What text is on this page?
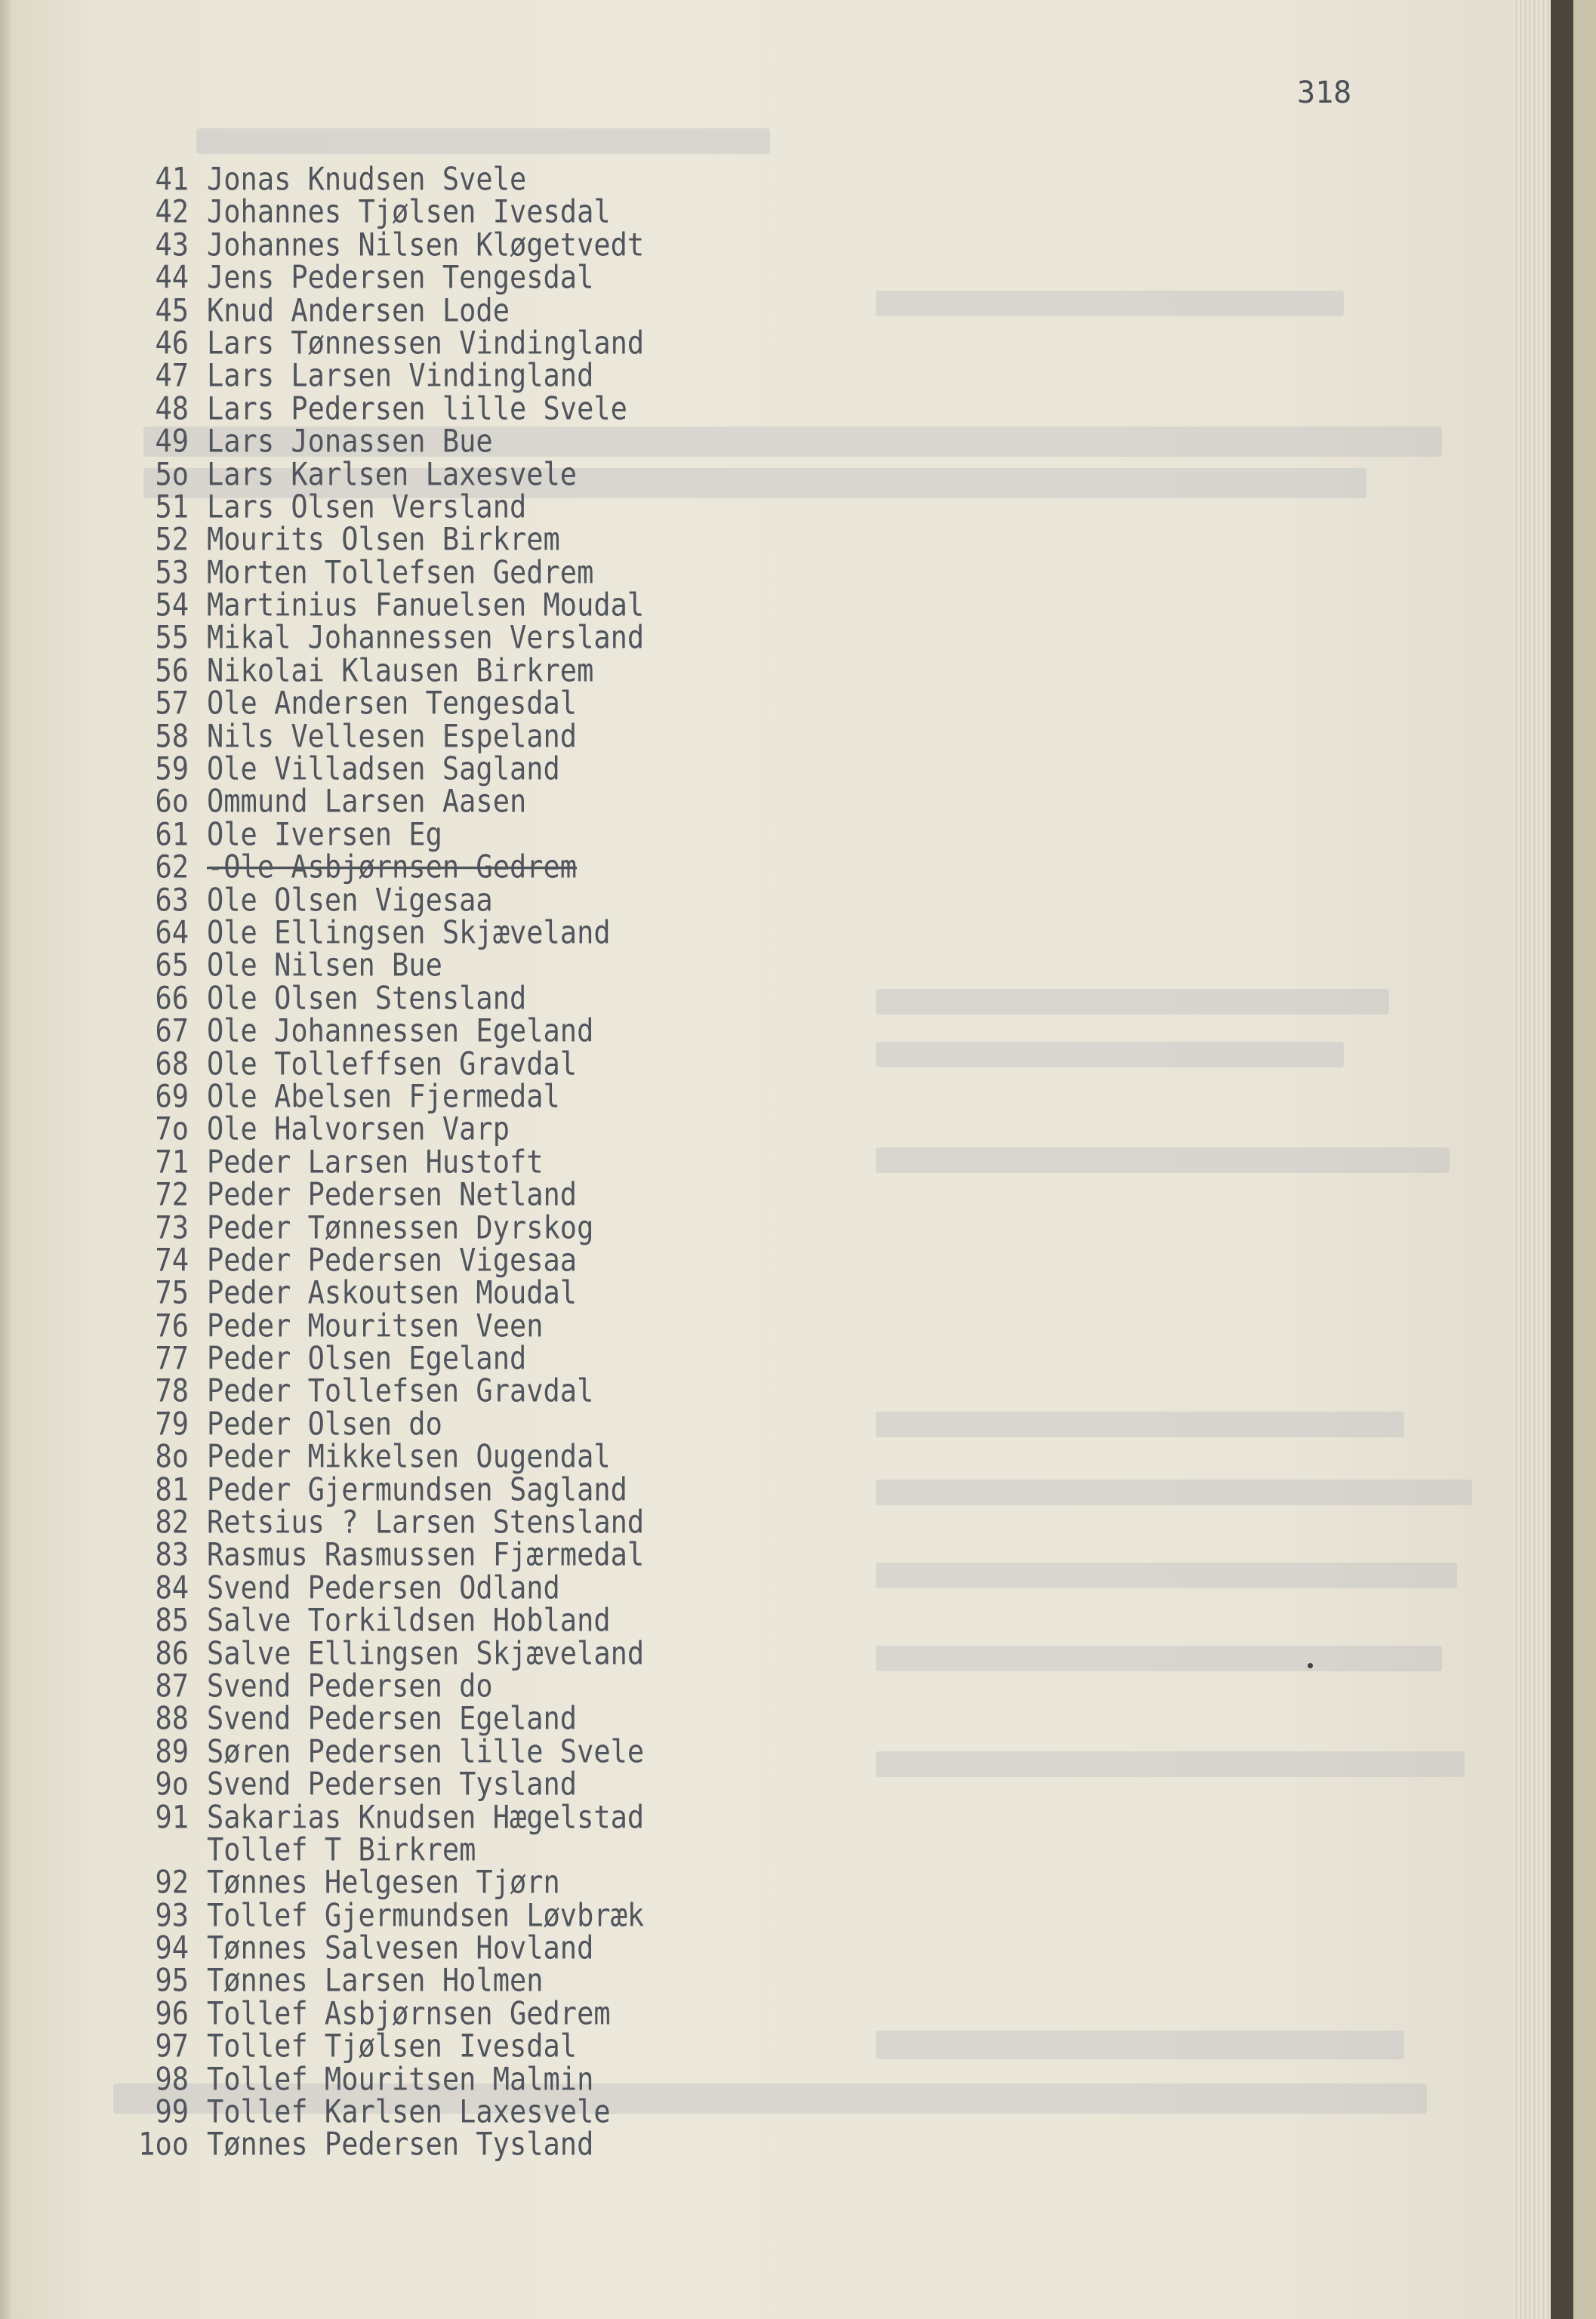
318
41 Jonas Knudsen Svele
42 Johannes Tjølsen Ivesdal
43 Johannes Nilsen Kløgetvedt
44 Jens Pedersen Tengesdal
45 Knud Andersen Lode
46 Lars Tønnessen Vindingland
47 Lars Larsen Vindingland
48 Lars Pedersen lille Svele
49 Lars Jonassen Bue
5o Lars Karlsen Laxesvele
51 Lars Olsen Versland
52 Mourits Olsen Birkrem
53 Morten Tollefsen Gedrem
54 Martinius Fanuelsen Moudal
55 Mikal Johannessen Versland
56 Nikolai Klausen Birkrem
57 Ole Andersen Tengesdal
58 Nils Vellesen Espeland
59 Ole Villadsen Sagland
6o Ommund Larsen Aasen
61 Ole Iversen Eg
62 -Ole Asbjørnsen Gedrem
63 Ole Olsen Vigesaa
64 Ole Ellingsen Skjæveland
65 Ole Nilsen Bue
66 Ole Olsen Stensland
67 Ole Johannessen Egeland
68 Ole Tolleffsen Gravdal
69 Ole Abelsen Fjermedal
7o Ole Halvorsen Varp
71 Peder Larsen Hustoft
72 Peder Pedersen Netland
73 Peder Tønnessen Dyrskog
74 Peder Pedersen Vigesaa
75 Peder Askoutsen Moudal
76 Peder Mouritsen Veen
77 Peder Olsen Egeland
78 Peder Tollefsen Gravdal
79 Peder Olsen do
8o Peder Mikkelsen Ougendal
81 Peder Gjermundsen Sagland
82 Retsius ? Larsen Stensland
83 Rasmus Rasmussen Fjærmedal
84 Svend Pedersen Odland
85 Salve Torkildsen Hobland
86 Salve Ellingsen Skjæveland
87 Svend Pedersen do
88 Svend Pedersen Egeland
89 Søren Pedersen lille Svele
9o Svend Pedersen Tysland
91 Sakarias Knudsen Hægelstad
Tollef T Birkrem
92 Tønnes Helgesen Tjørn
93 Tollef Gjermundsen Løvbræk
94 Tønnes Salvesen Hovland
95 Tønnes Larsen Holmen
96 Tollef Asbjørnsen Gedrem
97 Tollef Tjølsen Ivesdal
98 Tollef Mouritsen Malmin
99 Tollef Karlsen Laxesvele
1oo Tønnes Pedersen Tysland
